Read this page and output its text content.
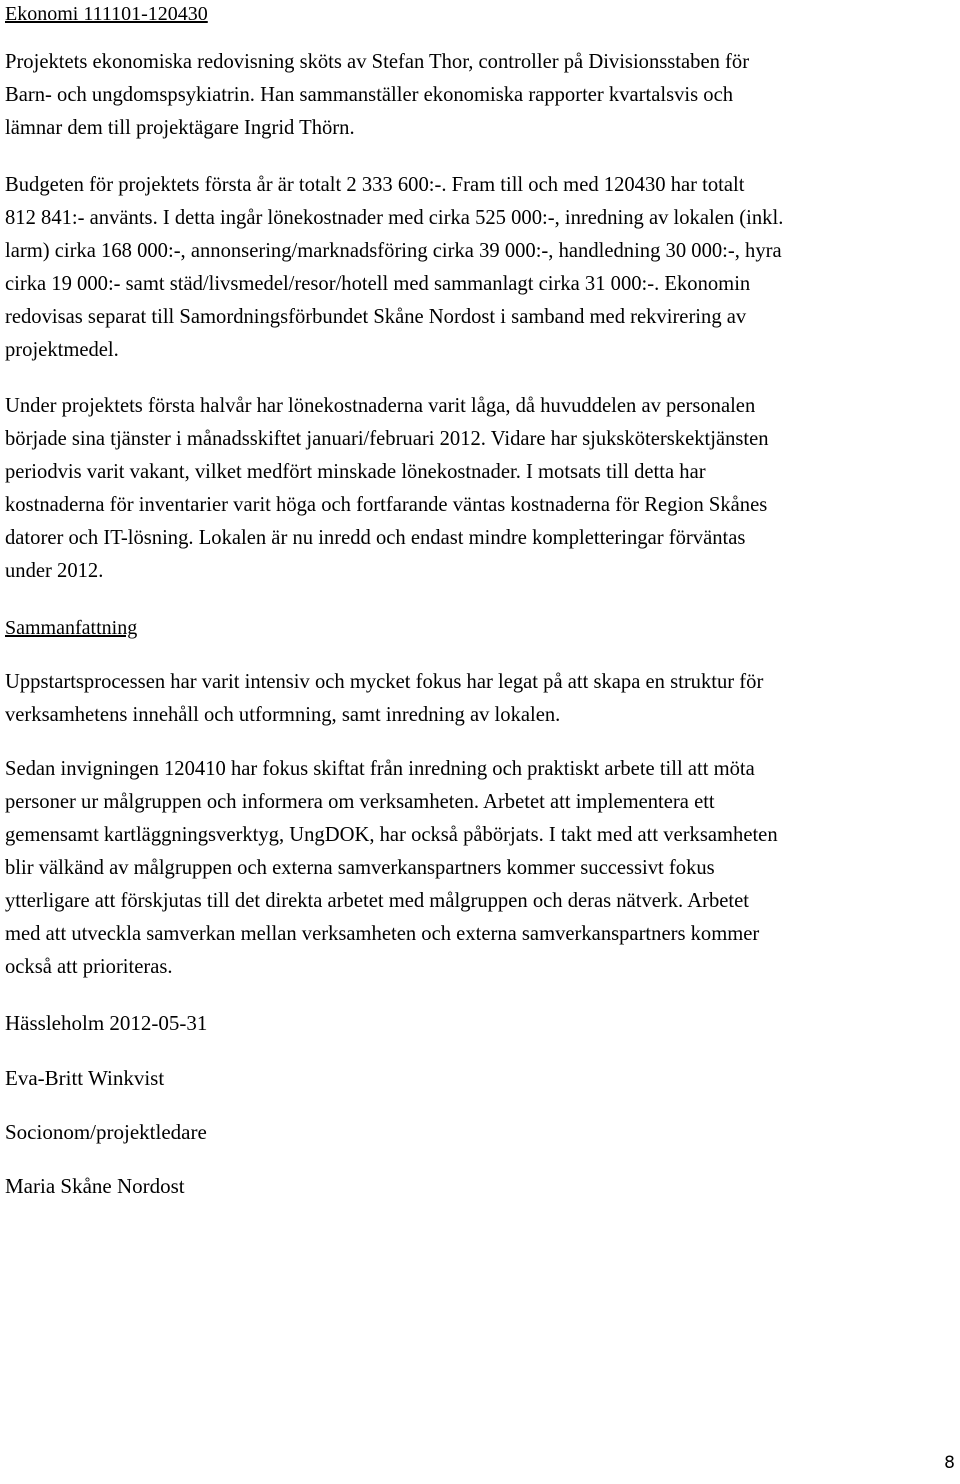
Ekonomi 111101-120430

Projektets ekonomiska redovisning sköts av Stefan Thor, controller på Divisionsstaben för
Barn- och ungdomspsykiatrin. Han sammanställer ekonomiska rapporter kvartalsvis och
lämnar dem till projektägare Ingrid Thörn.

Budgeten för projektets första år är totalt 2 333 600:-. Fram till och med 120430 har totalt
812 841:- använts. I detta ingår lönekostnader med cirka 525 000:-, inredning av lokalen (inkl.
larm) cirka 168 000:-, annonsering/marknadsföring cirka 39 000:-, handledning 30 000:-, hyra
cirka 19 000:- samt städ/livsmedel/resor/hotell med sammanlagt cirka 31 000:-. Ekonomin
redovisas separat till Samordningsförbundet Skåne Nordost i samband med rekvirering av
projektmedel.

Under projektets första halvår har lönekostnaderna varit låga, då huvuddelen av personalen
började sina tjänster i månadsskiftet januari/februari 2012. Vidare har sjuksköterskektjänsten
periodvis varit vakant, vilket medfört minskade lönekostnader. I motsats till detta har
kostnaderna för inventarier varit höga och fortfarande väntas kostnaderna för Region Skånes
datorer och IT-lösning. Lokalen är nu inredd och endast mindre kompletteringar förväntas
under 2012.

Sammanfattning

Uppstartsprocessen har varit intensiv och mycket fokus har legat på att skapa en struktur för
verksamhetens innehåll och utformning, samt inredning av lokalen.

Sedan invigningen 120410 har fokus skiftat från inredning och praktiskt arbete till att möta
personer ur målgruppen och informera om verksamheten. Arbetet att implementera ett
gemensamt kartläggningsverktyg, UngDOK, har också påbörjats. I takt med att verksamheten
blir välkänd av målgruppen och externa samverkanspartners kommer successivt fokus
ytterligare att förskjutas till det direkta arbetet med målgruppen och deras nätverk. Arbetet
med att utveckla samverkan mellan verksamheten och externa samverkanspartners kommer
också att prioriteras.

Hässleholm 2012-05-31
Eva-Britt Winkvist
Socionom/projektledare
Maria Skåne Nordost
8
